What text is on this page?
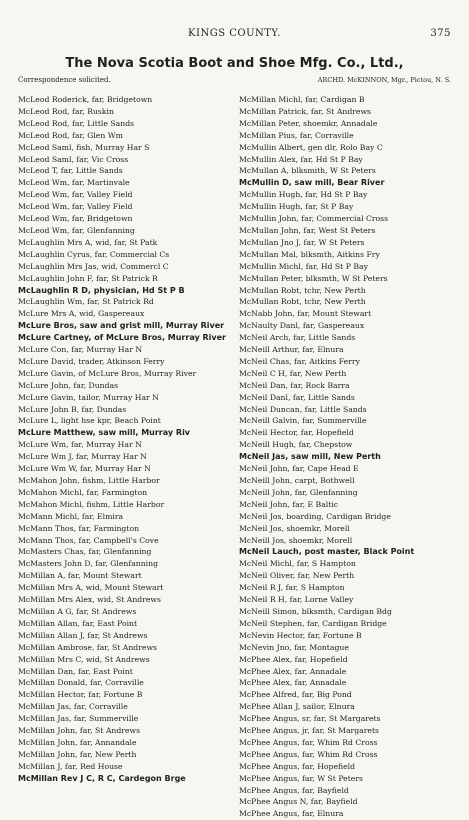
KINGS COUNTY.	375
The Nova Scotia Boot and Shoe Mfg. Co., Ltd.,
Correspondence solicited.	ARCHD. McKINNON, Mgr., Pictou, N. S.
McLeod Roderick, far, Bridgetown
McLeod Rod, far, Ruskin
McLeod Rod, far, Little Sands
McLeod Rod, far, Glen Wm
McLeod Saml, fish, Murray Har S
McLeod Saml, far, Vic Cross
McLeod T, far, Little Sands
McLeod Wm, far, Martinvale
McLeod Wm, far, Valley Field
McLeod Wm, far, Valley Field
McLeod Wm, far, Bridgetown
McLeod Wm, far, Glenfanning
McLaughlin Mrs A, wid, far, St Patk
McLaughlin Cyrus, far, Commercial Cs
McLaughlin Mrs Jas, wid, Commercl C
McLaughlin John F, far, St Patrick R
McLaughlin R D, physician, Hd St P B
McLaughlin Wm, far, St Patrick Rd
McLure Mrs A, wid, Gaspereaux
McLure Bros, saw and grist mill, Murray River
McLure Cartney, of McLure Bros, Murray River
McLure Con, far, Murray Har N
McLure David, trader, Atkinson Ferry
McLure Gavin, of McLure Bros, Murray River
McLure John, far, Dundas
McLure Gavin, tailor, Murray Har N
McLure John B, far, Dundas
McLure L, light hse kpr, Beach Point
McLure Matthew, saw mill, Murray Riv
McLure Wm, far, Murray Har N
McLure Wm J, far, Murray Har N
McLure Wm W, far, Murray Har N
McMahon John, fishm, Little Harbor
McMahon Michl, far, Farmington
McMahon Michl, fishm, Little Harbor
McMann Michl, far, Elmira
McMann Thos, far, Farmington
McMann Thos, far, Campbell's Cove
McMasters Chas, far, Glenfanning
McMasters John D, far, Glenfanning
McMillan A, far, Mount Stewart
McMillan Mrs A, wid, Mount Stewart
McMillan Mrs Alex, wid, St Andrews
McMillan A G, far, St Andrews
McMillan Allan, far, East Point
McMillan Allan J, far, St Andrews
McMillan Ambrose, far, St Andrews
McMillan Mrs C, wid, St Andrews
McMillan Dan, far, East Point
McMillan Donald, far, Corraville
McMillan Hector, far, Fortune B
McMillan Jas, far, Corraville
McMillan Jas, far, Summerville
McMillan John, far, St Andrews
McMillan John, far, Annandale
McMillan John, far, New Perth
McMillan J, far, Red House
McMillan Rev J C, R C, Cardegon Brge
McMillan Michl, far, Cardigan B
McMillan Patrick, far, St Andrews
McMillan Peter, shoemkr, Annadale
McMillan Pius, far, Corraville
McMullin Albert, gen dlr, Rolo Bay C
McMullin Alex, far, Hd St P Bay
McMullan A, blksmith, W St Peters
McMullin D, saw mill, Bear River
McMullin Hugh, far, Hd St P Bay
McMullin Hugh, far, St P Bay
McMullin John, far, Commercial Cross
McMullan John, far, West St Peters
McMullan Jno J, far, W St Peters
McMullan Mal, blksmth, Aitkins Fry
McMullin Michl, far, Hd St P Bay
McMullan Peter, blksmth, W St Peters
McMullan Robt, tchr, New Perth
McMullan Robt, tchr, New Perth
McNabb John, far, Mount Stewart
McNaulty Danl, far, Gaspereaux
McNeil Arch, far, Little Sands
McNeill Arthur, far, Elnura
McNeil Chas, far, Aitkins Ferry
McNeil C H, far, New Perth
McNeil Dan, far, Rock Barra
McNeil Danl, far, Little Sands
McNeil Duncan, far, Little Sands
McNeill Galvin, far, Summerville
McNeil Hector, far, Hopefield
McNeill Hugh, far, Chepstow
McNeil Jas, saw mill, New Perth
McNeil John, far, Cape Head E
McNeill John, carpt, Bothwell
McNeill John, far, Glenfanning
McNeil John, far, E Baltic
McNeil Jos, boarding, Cardigan Bridge
McNeil Jos, shoemkr, Morell
McNeill Jos, shoemkr, Morell
McNeil Lauch, post master, Black Point
McNeil Michl, far, S Hampton
McNeil Oliver, far, New Perth
McNeil R J, far, S Hampton
McNeil R H, far, Lorne Valley
McNeill Simon, blksmth, Cardigan Bdg
McNeil Stephen, far, Cardigan Bridge
McNevin Hector, far, Fortune B
McNevin Jno, far, Montague
McPhee Alex, far, Hopefield
McPhee Alex, far, Annadale
McPhee Alex, far, Annadale
McPhee Alfred, far, Big Pond
McPhee Allan J, sailor, Elnura
McPhee Angus, sr, far, St Margarets
McPhee Angus, jr, far, St Margarets
McPhee Angus, far, Whim Rd Cross
McPhee Angus, far, Whim Rd Cross
McPhee Angus, far, Hopefield
McPhee Angus, far, W St Peters
McPhee Angus, far, Bayfield
McPhee Angus N, far, Bayfield
McPhee Angus, far, Elnura
